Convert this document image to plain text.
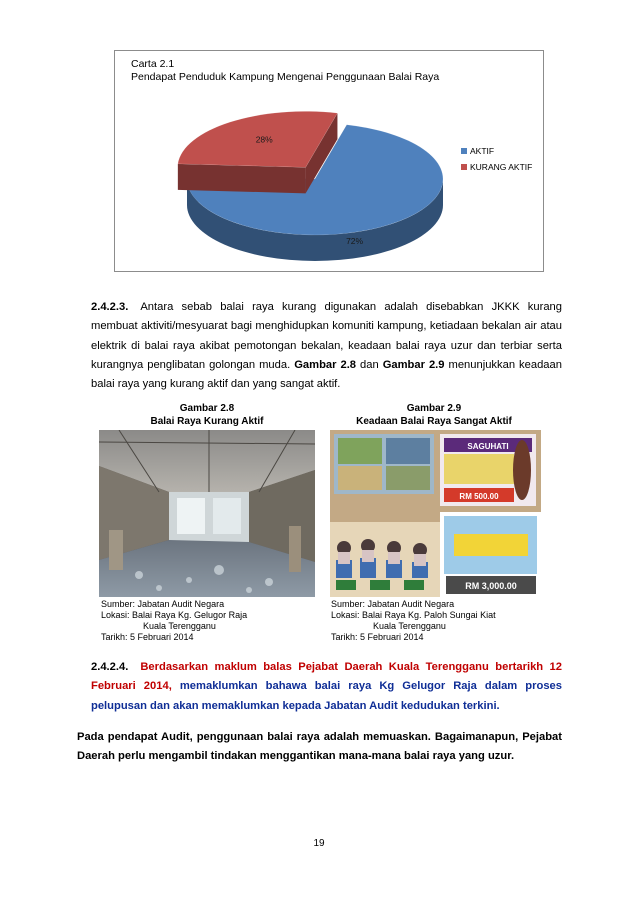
Carta 2.1
Pendapat Penduduk Kampung Mengenai Penggunaan Balai Raya
72%
28%
AKTIF
KURANG AKTIF

2.4.2.3. Antara sebab balai raya kurang digunakan adalah disebabkan JKKK kurang membuat aktiviti/mesyuarat bagi menghidupkan komuniti kampung, ketiadaan bekalan air atau elektrik di balai raya akibat pemotongan bekalan, keadaan balai raya uzur dan terbiar serta kurangnya penglibatan golongan muda. Gambar 2.8 dan Gambar 2.9 menunjukkan keadaan balai raya yang kurang aktif dan yang sangat aktif.

Gambar 2.8
Balai Raya Kurang Aktif
Sumber: Jabatan Audit Negara
Lokasi: Balai Raya Kg. Gelugor Raja
Kuala Terengganu
Tarikh: 5 Februari 2014
Gambar 2.9
Keadaan Balai Raya Sangat Aktif
SAGUHATI
RM 500.00
RM 3,000.00
Sumber: Jabatan Audit Negara
Lokasi: Balai Raya Kg. Paloh Sungai Kiat
Kuala Terengganu
Tarikh: 5 Februari 2014

2.4.2.4. Berdasarkan maklum balas Pejabat Daerah Kuala Terengganu bertarikh 12 Februari 2014, memaklumkan bahawa balai raya Kg Gelugor Raja dalam proses pelupusan dan akan memaklumkan kepada Jabatan Audit kedudukan terkini.

Pada pendapat Audit, penggunaan balai raya adalah memuaskan. Bagaimanapun, Pejabat Daerah perlu mengambil tindakan menggantikan mana-mana balai raya yang uzur.

19
